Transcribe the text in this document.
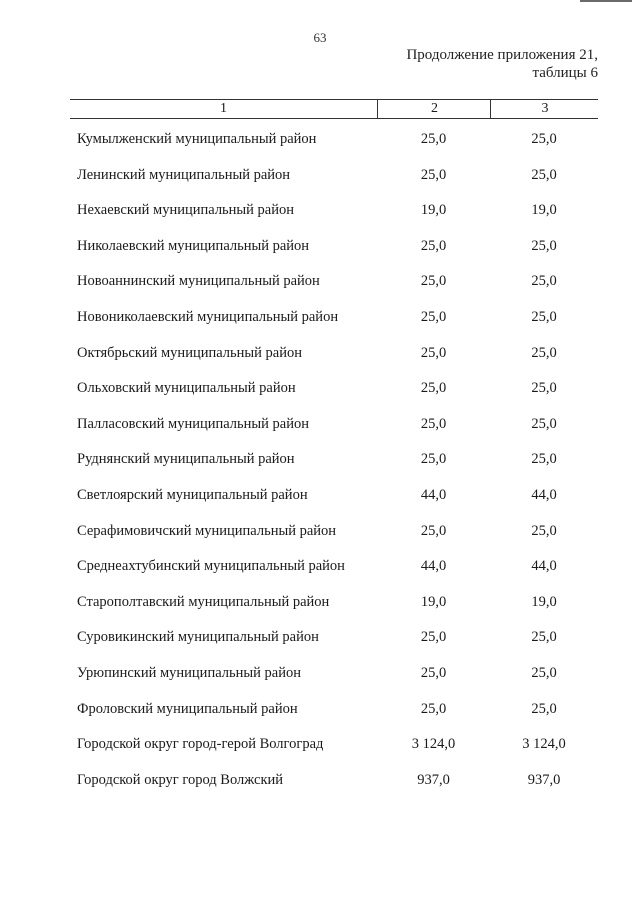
63
Продолжение приложения 21,
таблицы 6
1	2	3
Кумылженский муниципальный район	25,0	25,0
Ленинский муниципальный район	25,0	25,0
Нехаевский муниципальный район	19,0	19,0
Николаевский муниципальный район	25,0	25,0
Новоаннинский муниципальный район	25,0	25,0
Новониколаевский муниципальный район	25,0	25,0
Октябрьский муниципальный район	25,0	25,0
Ольховский муниципальный район	25,0	25,0
Палласовский муниципальный район	25,0	25,0
Руднянский муниципальный район	25,0	25,0
Светлоярский муниципальный район	44,0	44,0
Серафимовичский муниципальный район	25,0	25,0
Среднеахтубинский муниципальный район	44,0	44,0
Старополтавский муниципальный район	19,0	19,0
Суровикинский муниципальный район	25,0	25,0
Урюпинский муниципальный район	25,0	25,0
Фроловский муниципальный район	25,0	25,0
Городской округ город-герой Волгоград	3 124,0	3 124,0
Городской округ город Волжский	937,0	937,0
